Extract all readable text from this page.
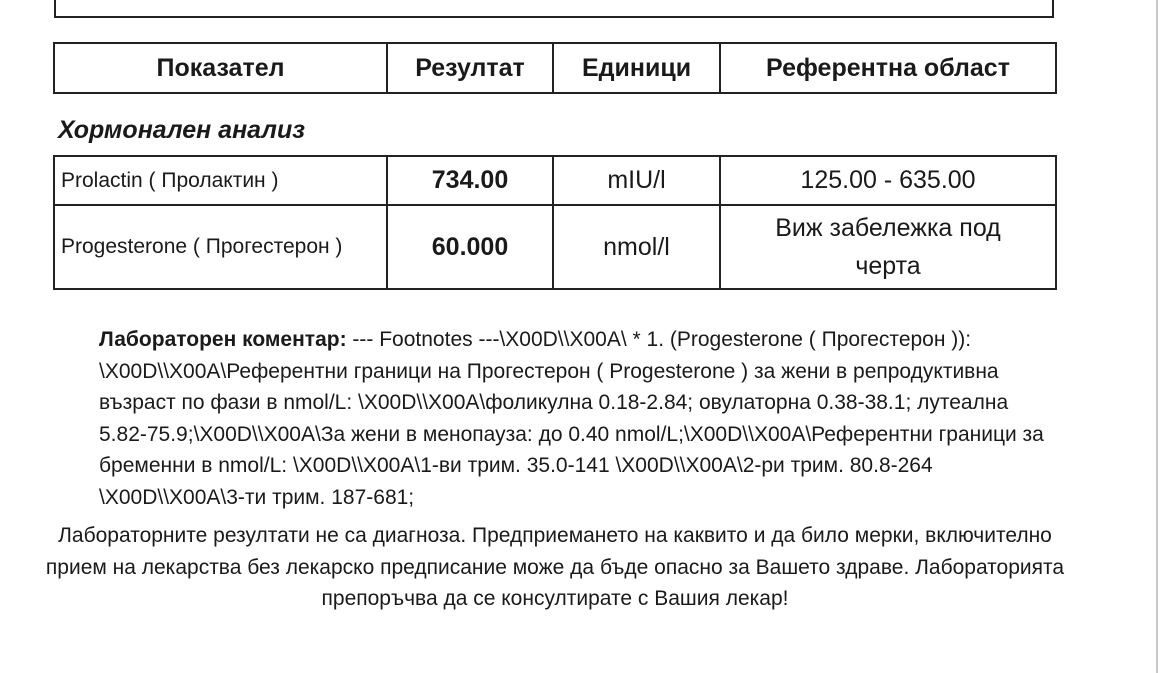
Показател	Резултат	Единици	Референтна област
Хормонален анализ
Prolactin ( Пролактин )	734.00	mIU/l	125.00 - 635.00
Progesterone ( Прогестерон )	60.000	nmol/l	Виж забележка под черта
Лабораторен коментар: --- Footnotes ---\X00D\\X00A\ * 1. (Progesterone ( Прогестерон )): \X00D\\X00A\Референтни граници на Прогестерон ( Progesterone ) за жени в репродуктивна възраст по фази в nmol/L: \X00D\\X00A\фоликулна 0.18-2.84; овулаторна 0.38-38.1; лутеална 5.82-75.9;\X00D\\X00A\За жени в менопауза: до 0.40 nmol/L;\X00D\\X00A\Референтни граници за бременни в nmol/L: \X00D\\X00A\1-ви трим. 35.0-141 \X00D\\X00A\2-ри трим. 80.8-264 \X00D\\X00A\3-ти трим. 187-681;
Лабораторните резултати не са диагноза. Предприемането на каквито и да било мерки, включително прием на лекарства без лекарско предписание може да бъде опасно за Вашето здраве. Лабораторията препоръчва да се консултирате с Вашия лекар!
